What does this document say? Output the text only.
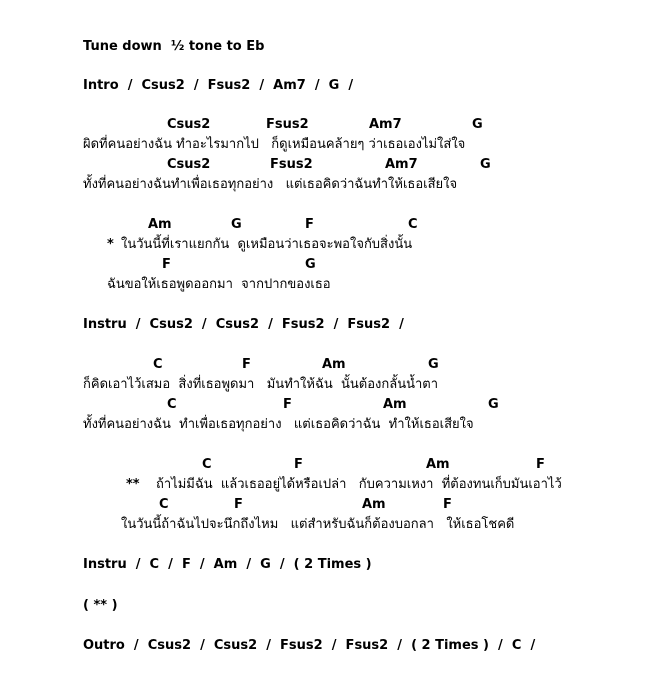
Tune down  ½ tone to Eb
Intro  /  Csus2  /  Fsus2  /  Am7  /  G  /
Csus2	Fsus2	Am7	G
ผิดที่คนอย่างฉัน ทำอะไรมากไป   ก็ดูเหมือนคล้ายๆ ว่าเธอเองไม่ใส่ใจ
Csus2	Fsus2	Am7	G
ทั้งที่คนอย่างฉันทำเพื่อเธอทุกอย่าง   แต่เธอคิดว่าฉันทำให้เธอเสียใจ
Am	G	F	C
* ในวันนี้ที่เราแยกกัน  ดูเหมือนว่าเธอจะพอใจกับสิ่งนั้น
F	G
ฉันขอให้เธอพูดออกมา  จากปากของเธอ
Instru  /  Csus2  /  Csus2  /  Fsus2  /  Fsus2  /
C	F	Am	G
ก็คิดเอาไว้เสมอ  สิ่งที่เธอพูดมา   มันทำให้ฉัน  นั้นต้องกลั้นน้ำตา
C	F	Am	G
ทั้งที่คนอย่างฉัน  ทำเพื่อเธอทุกอย่าง   แต่เธอคิดว่าฉัน  ทำให้เธอเสียใจ
C	F	Am	F
** ถ้าไม่มีฉัน  แล้วเธออยู่ได้หรือเปล่า   กับความเหงา  ที่ต้องทนเก็บมันเอาไว้
C	F	Am	F
ในวันนี้ถ้าฉันไปจะนึกถึงไหม   แต่สำหรับฉันก็ต้องบอกลา   ให้เธอโชคดี
Instru  /  C  /  F  /  Am  /  G  /  ( 2 Times )
( ** )
Outro  /  Csus2  /  Csus2  /  Fsus2  /  Fsus2  /  ( 2 Times )  /  C  /
